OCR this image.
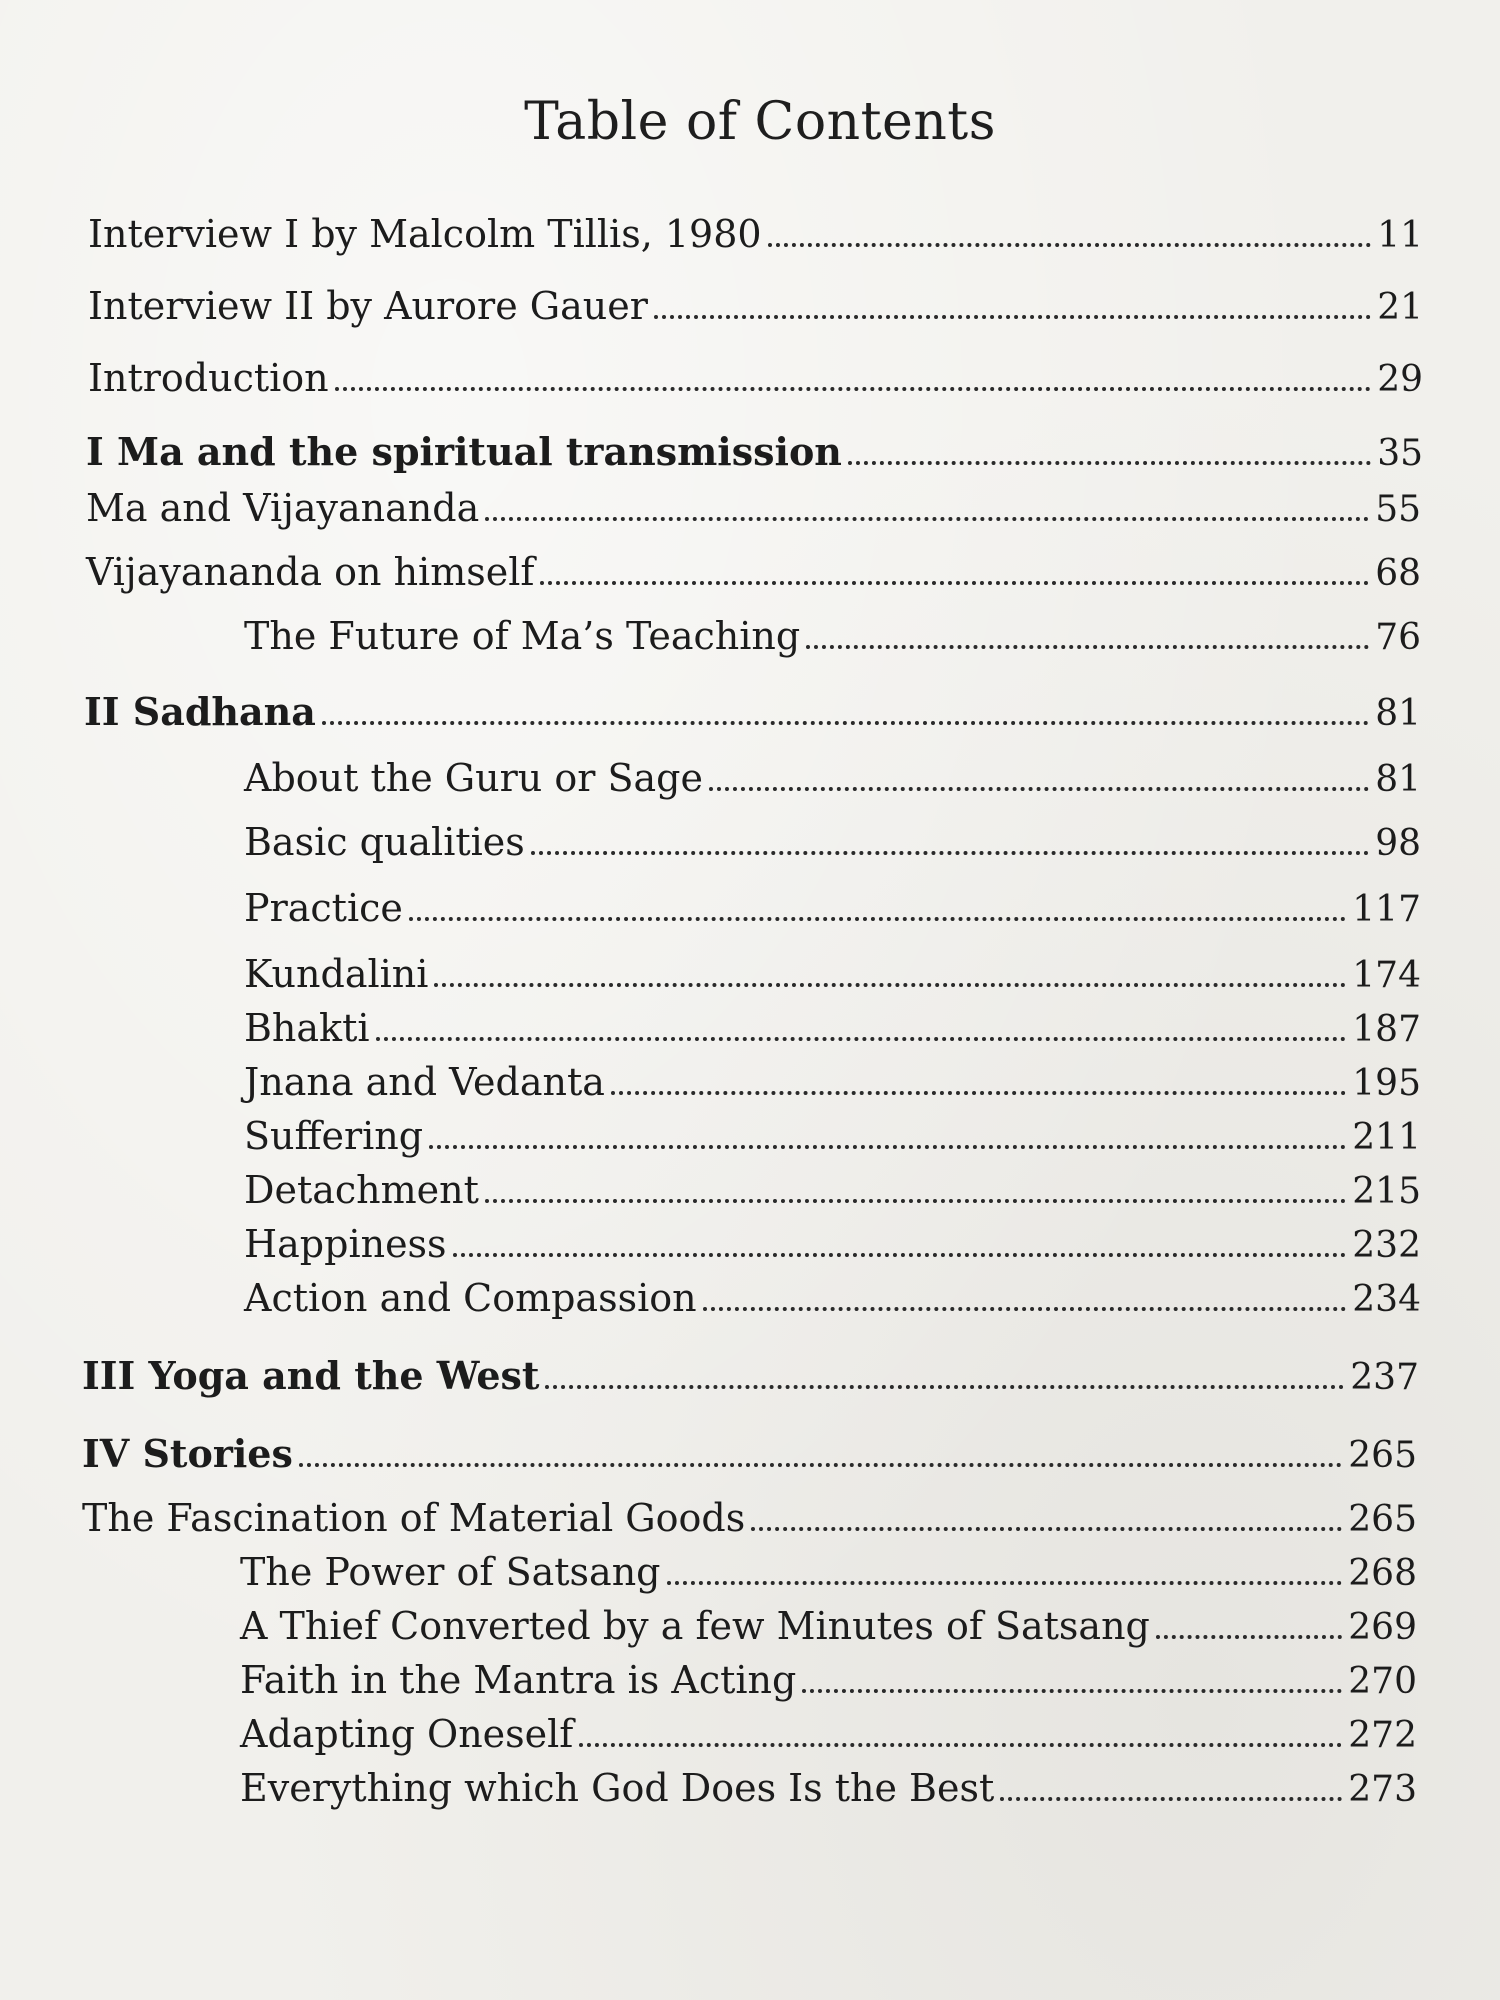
Table of Contents
Interview I by Malcolm Tillis, 1980	11
Interview II by Aurore Gauer	21
Introduction	29
I Ma and the spiritual transmission	35
Ma and Vijayananda	55
Vijayananda on himself	68
The Future of Ma’s Teaching	76
II Sadhana	81
About the Guru or Sage	81
Basic qualities	98
Practice	117
Kundalini	174
Bhakti	187
Jnana and Vedanta	195
Suffering	211
Detachment	215
Happiness	232
Action and Compassion	234
III Yoga and the West	237
IV Stories	265
The Fascination of Material Goods	265
The Power of Satsang	268
A Thief Converted by a few Minutes of Satsang	269
Faith in the Mantra is Acting	270
Adapting Oneself	272
Everything which God Does Is the Best	273
